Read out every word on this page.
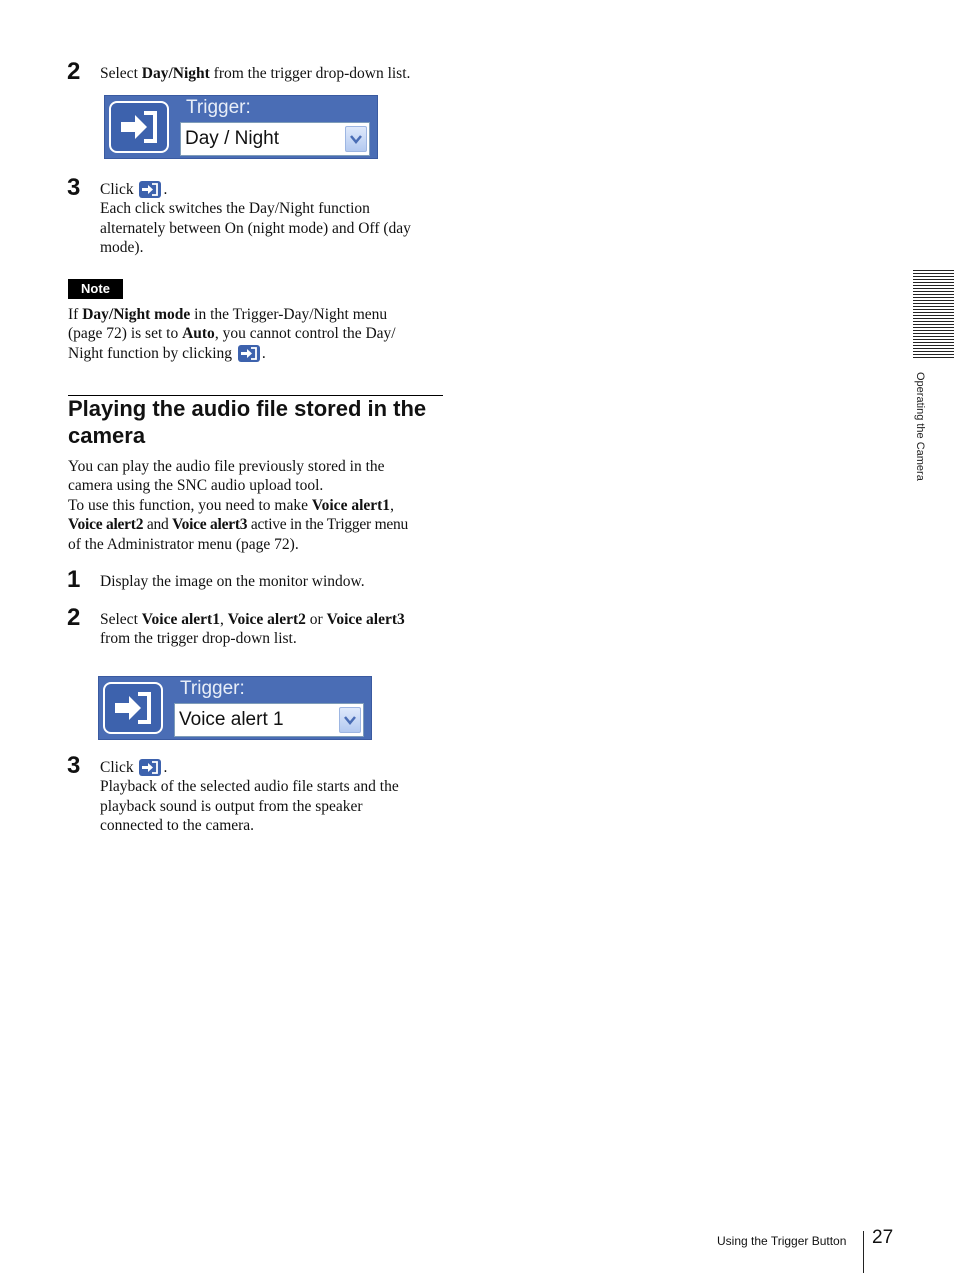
2 Select Day/Night from the trigger drop-down list.
Trigger:
Day / Night
3 Click .
Each click switches the Day/Night function
alternately between On (night mode) and Off (day
mode).
Note
If Day/Night mode in the Trigger-Day/Night menu
(page 72) is set to Auto, you cannot control the Day/
Night function by clicking .
Playing the audio file stored in the
camera
You can play the audio file previously stored in the
camera using the SNC audio upload tool.
To use this function, you need to make Voice alert1,
Voice alert2 and Voice alert3 active in the Trigger menu
of the Administrator menu (page 72).
1 Display the image on the monitor window.
2 Select Voice alert1, Voice alert2 or Voice alert3
from the trigger drop-down list.
Trigger:
Voice alert 1
3 Click .
Playback of the selected audio file starts and the
playback sound is output from the speaker
connected to the camera.
Operating the Camera
Using the Trigger Button 27
